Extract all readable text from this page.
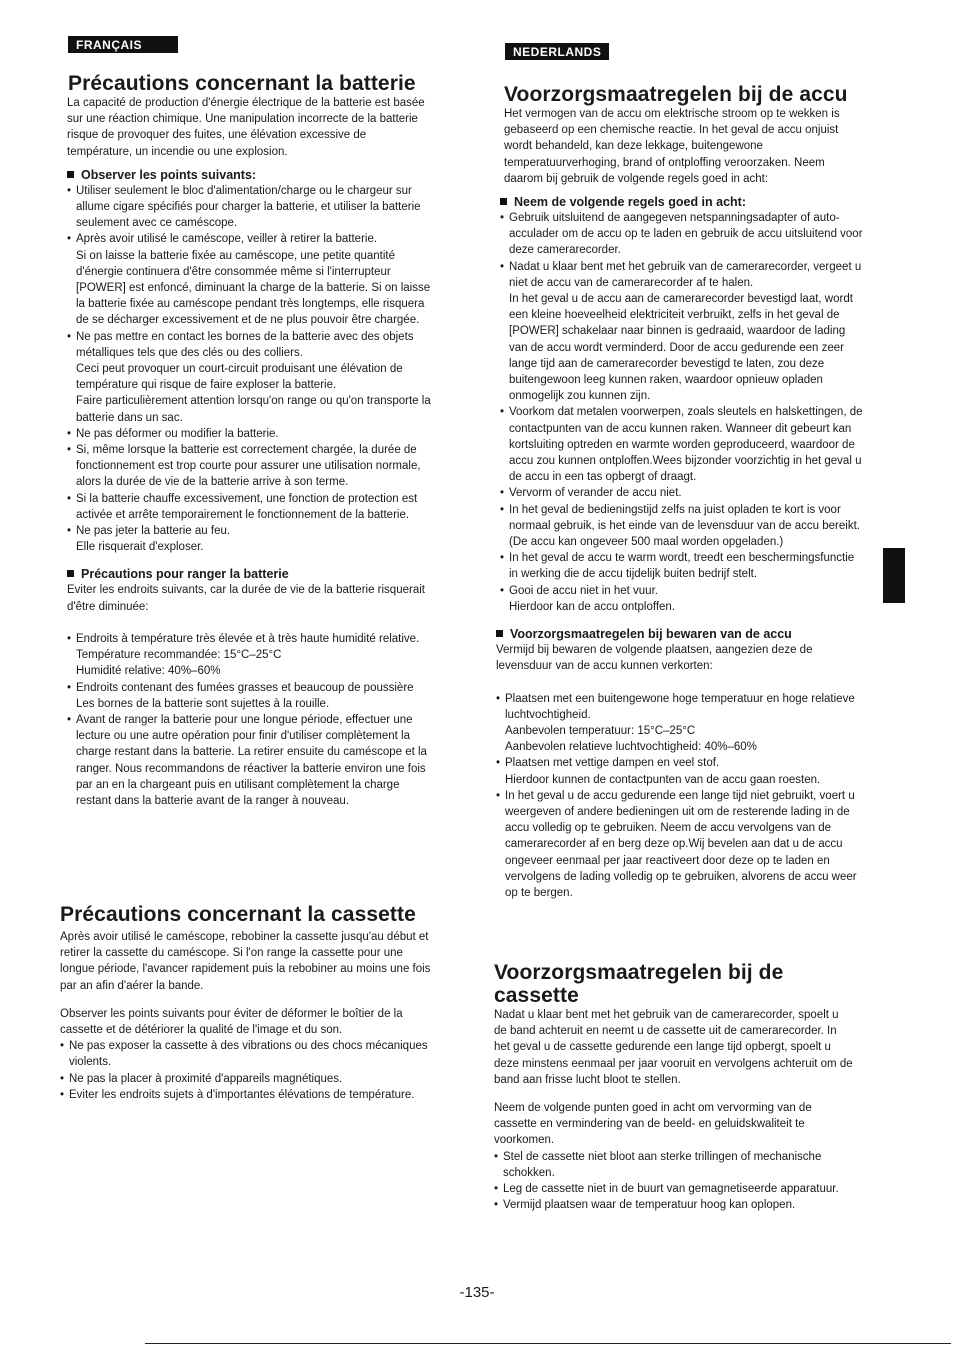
FRANÇAIS	NEDERLANDS
Précautions concernant la batterie

La capacité de production d'énergie électrique de la batterie est basée sur une réaction chimique. Une manipulation incorrecte de la batterie risque de provoquer des fuites, une élévation excessive de température, un incendie ou une explosion.

Observer les points suivants:
• Utiliser seulement le bloc d'alimentation/charge ou le chargeur sur allume cigare spécifiés pour charger la batterie, et utiliser la batterie seulement avec ce caméscope.
• Après avoir utilisé le caméscope, veiller à retirer la batterie.
Si on laisse la batterie fixée au caméscope, une petite quantité d'énergie continuera d'être consommée même si l'interrupteur [POWER] est enfoncé, diminuant la charge de la batterie. Si on laisse la batterie fixée au caméscope pendant très longtemps, elle risquera de se décharger excessivement et de ne plus pouvoir être chargée.
• Ne pas mettre en contact les bornes de la batterie avec des objets métalliques tels que des clés ou des colliers.
Ceci peut provoquer un court-circuit produisant une élévation de température qui risque de faire exploser la batterie.
Faire particulièrement attention lorsqu'on range ou qu'on transporte la batterie dans un sac.
• Ne pas déformer ou modifier la batterie.
• Si, même lorsque la batterie est correctement chargée, la durée de fonctionnement est trop courte pour assurer une utilisation normale, alors la durée de vie de la batterie arrive à son terme.
• Si la batterie chauffe excessivement, une fonction de protection est activée et arrête temporairement le fonctionnement de la batterie.
• Ne pas jeter la batterie au feu.
Elle risquerait d'exploser.
Précautions pour ranger la batterie

Eviter les endroits suivants, car la durée de vie de la batterie risquerait d'être diminuée:

• Endroits à température très élevée et à très haute humidité relative.
Température recommandée: 15°C–25°C
Humidité relative: 40%–60%
• Endroits contenant des fumées grasses et beaucoup de poussière
Les bornes de la batterie sont sujettes à la rouille.
• Avant de ranger la batterie pour une longue période, effectuer une lecture ou une autre opération pour finir d'utiliser complètement la charge restant dans la batterie. La retirer ensuite du caméscope et la ranger. Nous recommandons de réactiver la batterie environ une fois par an en la chargeant puis en utilisant complètement la charge restant dans la batterie avant de la ranger à nouveau.
Précautions concernant la cassette

Après avoir utilisé le caméscope, rebobiner la cassette jusqu'au début et retirer la cassette du caméscope. Si l'on range la cassette pour une longue période, l'avancer rapidement puis la rebobiner au moins une fois par an afin d'aérer la bande.

Observer les points suivants pour éviter de déformer le boîtier de la cassette et de détériorer la qualité de l'image et du son.

• Ne pas exposer la cassette à des vibrations ou des chocs mécaniques violents.
• Ne pas la placer à proximité d'appareils magnétiques.
• Eviter les endroits sujets à d'importantes élévations de température.
Voorzorgsmaatregelen bij de accu

Het vermogen van de accu om elektrische stroom op te wekken is gebaseerd op een chemische reactie. In het geval de accu onjuist wordt behandeld, kan deze lekkage, buitengewone temperatuurverhoging, brand of ontploffing veroorzaken. Neem daarom bij gebruik de volgende regels goed in acht:

Neem de volgende regels goed in acht:
• Gebruik uitsluitend de aangegeven netspanningsadapter of auto-acculader om de accu op te laden en gebruik de accu uitsluitend voor deze camerarecorder.
• Nadat u klaar bent met het gebruik van de camerarecorder, vergeet u niet de accu van de camerarecorder af te halen.
In het geval u de accu aan de camerarecorder bevestigd laat, wordt een kleine hoeveelheid elektriciteit verbruikt, zelfs in het geval de [POWER] schakelaar naar binnen is gedraaid, waardoor de lading van de accu wordt verminderd. Door de accu gedurende een zeer lange tijd aan de camerarecorder bevestigd te laten, zou deze buitengewoon leeg kunnen raken, waardoor opnieuw opladen onmogelijk zou kunnen zijn.
• Voorkom dat metalen voorwerpen, zoals sleutels en halskettingen, de contactpunten van de accu kunnen raken. Wanneer dit gebeurt kan kortsluiting optreden en warmte worden geproduceerd, waardoor de accu zou kunnen ontploffen.Wees bijzonder voorzichtig in het geval u de accu in een tas opbergt of draagt.
• Vervorm of verander de accu niet.
• In het geval de bedieningstijd zelfs na juist opladen te kort is voor normaal gebruik, is het einde van de levensduur van de accu bereikt. (De accu kan ongeveer 500 maal worden opgeladen.)
• In het geval de accu te warm wordt, treedt een beschermingsfunctie in werking die de accu tijdelijk buiten bedrijf stelt.
• Gooi de accu niet in het vuur.
Hierdoor kan de accu ontploffen.
Voorzorgsmaatregelen bij bewaren van de accu

Vermijd bij bewaren de volgende plaatsen, aangezien deze de levensduur van de accu kunnen verkorten:

• Plaatsen met een buitengewone hoge temperatuur en hoge relatieve luchtvochtigheid.
Aanbevolen temperatuur: 15°C–25°C
Aanbevolen relatieve luchtvochtigheid: 40%–60%
• Plaatsen met vettige dampen en veel stof.
Hierdoor kunnen de contactpunten van de accu gaan roesten.
• In het geval u de accu gedurende een lange tijd niet gebruikt, voert u weergeven of andere bedieningen uit om de resterende lading in de accu volledig op te gebruiken. Neem de accu vervolgens van de camerarecorder af en berg deze op.Wij bevelen aan dat u de accu ongeveer eenmaal per jaar reactiveert door deze op te laden en vervolgens de lading volledig op te gebruiken, alvorens de accu weer op te bergen.
Voorzorgsmaatregelen bij de cassette

Nadat u klaar bent met het gebruik van de camerarecorder, spoelt u de band achteruit en neemt u de cassette uit de camerarecorder. In het geval u de cassette gedurende een lange tijd opbergt, spoelt u deze minstens eenmaal per jaar vooruit en vervolgens achteruit om de band aan frisse lucht bloot te stellen.

Neem de volgende punten goed in acht om vervorming van de cassette en vermindering van de beeld- en geluidskwaliteit te voorkomen.

• Stel de cassette niet bloot aan sterke trillingen of mechanische schokken.
• Leg de cassette niet in de buurt van gemagnetiseerde apparatuur.
• Vermijd plaatsen waar de temperatuur hoog kan oplopen.
-135-
